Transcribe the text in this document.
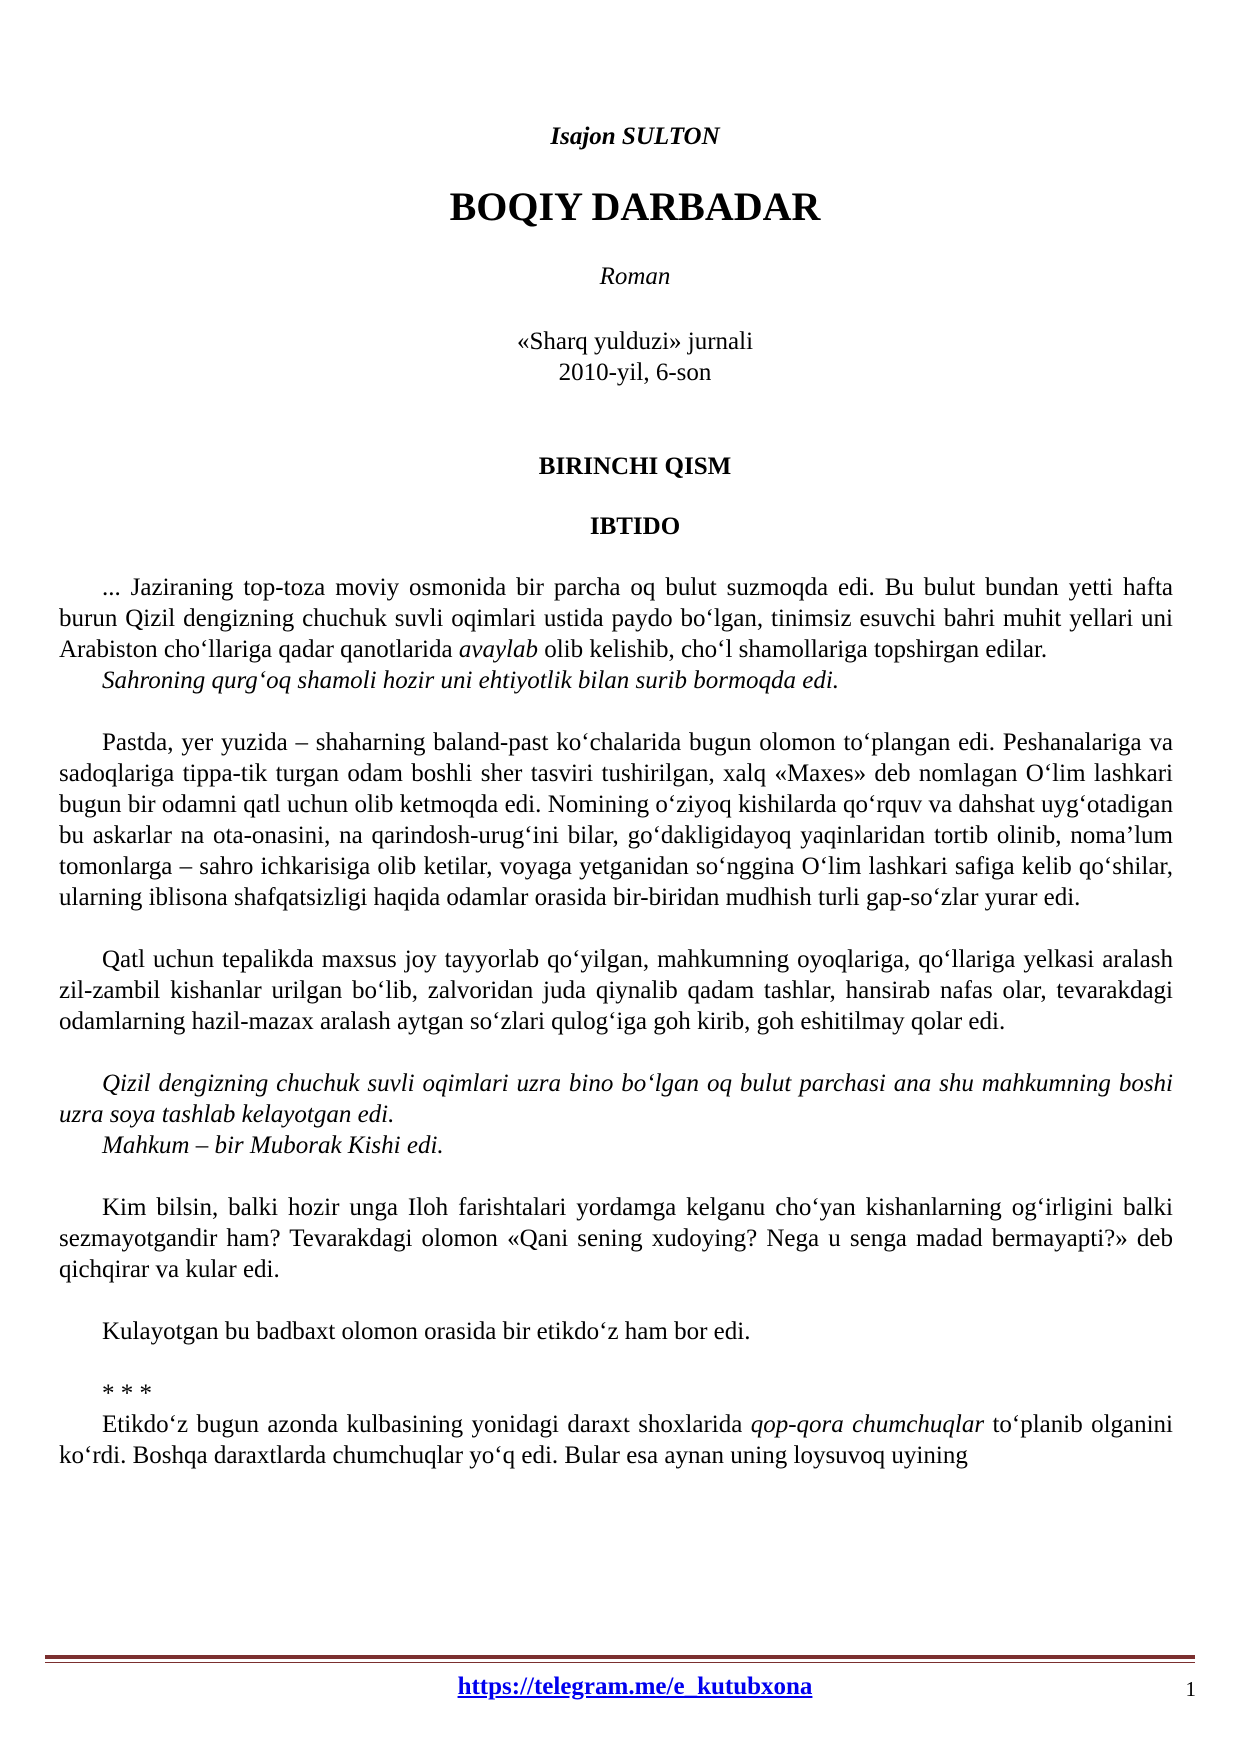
Isajon SULTON
BOQIY DARBADAR
Roman
«Sharq yulduzi» jurnali
2010-yil, 6-son
BIRINCHI QISM
IBTIDO

... Jaziraning top-toza moviy osmonida bir parcha oq bulut suzmoqda edi. Bu bulut bundan yetti hafta burun Qizil dengizning chuchuk suvli oqimlari ustida paydo bo‘lgan, tinimsiz esuvchi bahri muhit yellari uni Arabiston cho‘llariga qadar qanotlarida avaylab olib kelishib, cho‘l shamollariga topshirgan edilar.

Sahroning qurg‘oq shamoli hozir uni ehtiyotlik bilan surib bormoqda edi.

Pastda, yer yuzida – shaharning baland-past ko‘chalarida bugun olomon to‘plangan edi. Peshanalariga va sadoqlariga tippa-tik turgan odam boshli sher tasviri tushirilgan, xalq «Maxes» deb nomlagan O‘lim lashkari bugun bir odamni qatl uchun olib ketmoqda edi. Nomining o‘ziyoq kishilarda qo‘rquv va dahshat uyg‘otadigan bu askarlar na ota-onasini, na qarindosh-urug‘ini bilar, go‘dakligidayoq yaqinlaridan tortib olinib, noma’lum tomonlarga – sahro ichkarisiga olib ketilar, voyaga yetganidan so‘nggina O‘lim lashkari safiga kelib qo‘shilar, ularning iblisona shafqatsizligi haqida odamlar orasida bir-biridan mudhish turli gap-so‘zlar yurar edi.

Qatl uchun tepalikda maxsus joy tayyorlab qo‘yilgan, mahkumning oyoqlariga, qo‘llariga yelkasi aralash zil-zambil kishanlar urilgan bo‘lib, zalvoridan juda qiynalib qadam tashlar, hansirab nafas olar, tevarakdagi odamlarning hazil-mazax aralash aytgan so‘zlari qulog‘iga goh kirib, goh eshitilmay qolar edi.

Qizil dengizning chuchuk suvli oqimlari uzra bino bo‘lgan oq bulut parchasi ana shu mahkumning boshi uzra soya tashlab kelayotgan edi.

Mahkum – bir Muborak Kishi edi.

Kim bilsin, balki hozir unga Iloh farishtalari yordamga kelganu cho‘yan kishanlarning og‘irligini balki sezmayotgandir ham? Tevarakdagi olomon «Qani sening xudoying? Nega u senga madad bermayapti?» deb qichqirar va kular edi.

Kulayotgan bu badbaxt olomon orasida bir etikdo‘z ham bor edi.

* * *

Etikdo‘z bugun azonda kulbasining yonidagi daraxt shoxlarida qop-qora chumchuqlar to‘planib olganini ko‘rdi. Boshqa daraxtlarda chumchuqlar yo‘q edi. Bular esa aynan uning loysuvoq uyining

https://telegram.me/e_kutubxona	1
